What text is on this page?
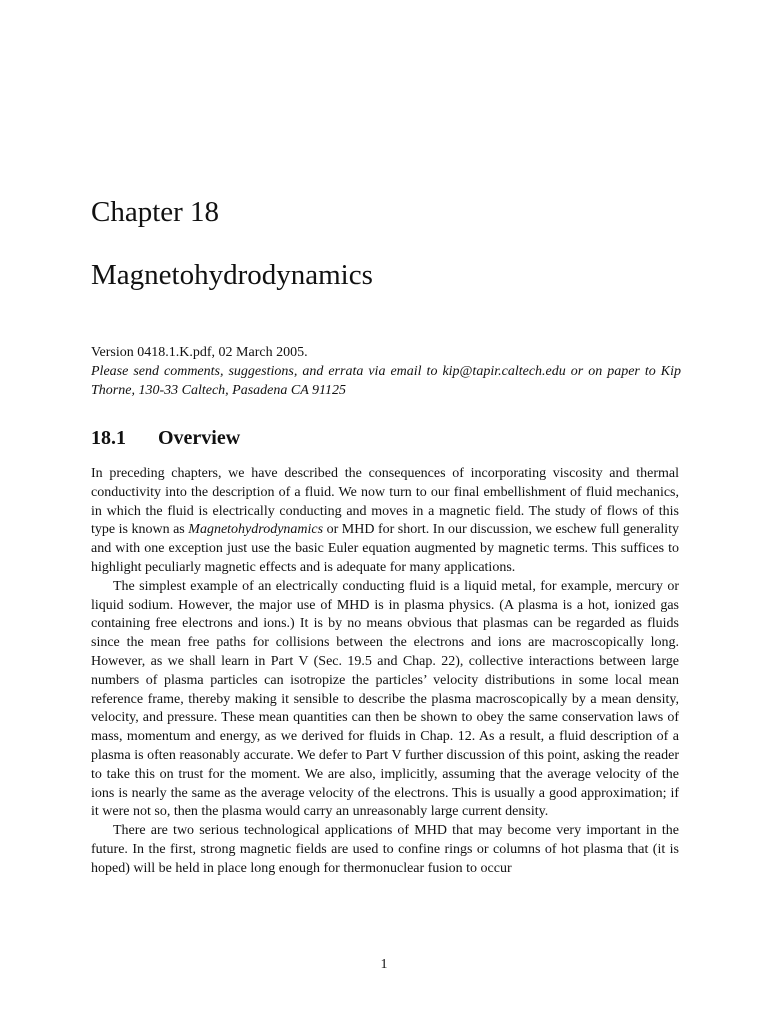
Chapter 18
Magnetohydrodynamics
Version 0418.1.K.pdf, 02 March 2005.
Please send comments, suggestions, and errata via email to kip@tapir.caltech.edu or on paper to Kip Thorne, 130-33 Caltech, Pasadena CA 91125
18.1 Overview

In preceding chapters, we have described the consequences of incorporating viscosity and thermal conductivity into the description of a fluid. We now turn to our final embellishment of fluid mechanics, in which the fluid is electrically conducting and moves in a magnetic field. The study of flows of this type is known as Magnetohydrodynamics or MHD for short. In our discussion, we eschew full generality and with one exception just use the basic Euler equation augmented by magnetic terms. This suffices to highlight peculiarly magnetic effects and is adequate for many applications.

The simplest example of an electrically conducting fluid is a liquid metal, for example, mercury or liquid sodium. However, the major use of MHD is in plasma physics. (A plasma is a hot, ionized gas containing free electrons and ions.) It is by no means obvious that plasmas can be regarded as fluids since the mean free paths for collisions between the electrons and ions are macroscopically long. However, as we shall learn in Part V (Sec. 19.5 and Chap. 22), collective interactions between large numbers of plasma particles can isotropize the particles’ velocity distributions in some local mean reference frame, thereby making it sensible to describe the plasma macroscopically by a mean density, velocity, and pressure. These mean quantities can then be shown to obey the same conservation laws of mass, momentum and energy, as we derived for fluids in Chap. 12. As a result, a fluid description of a plasma is often reasonably accurate. We defer to Part V further discussion of this point, asking the reader to take this on trust for the moment. We are also, implicitly, assuming that the average velocity of the ions is nearly the same as the average velocity of the electrons. This is usually a good approximation; if it were not so, then the plasma would carry an unreasonably large current density.

There are two serious technological applications of MHD that may become very important in the future. In the first, strong magnetic fields are used to confine rings or columns of hot plasma that (it is hoped) will be held in place long enough for thermonuclear fusion to occur

1
